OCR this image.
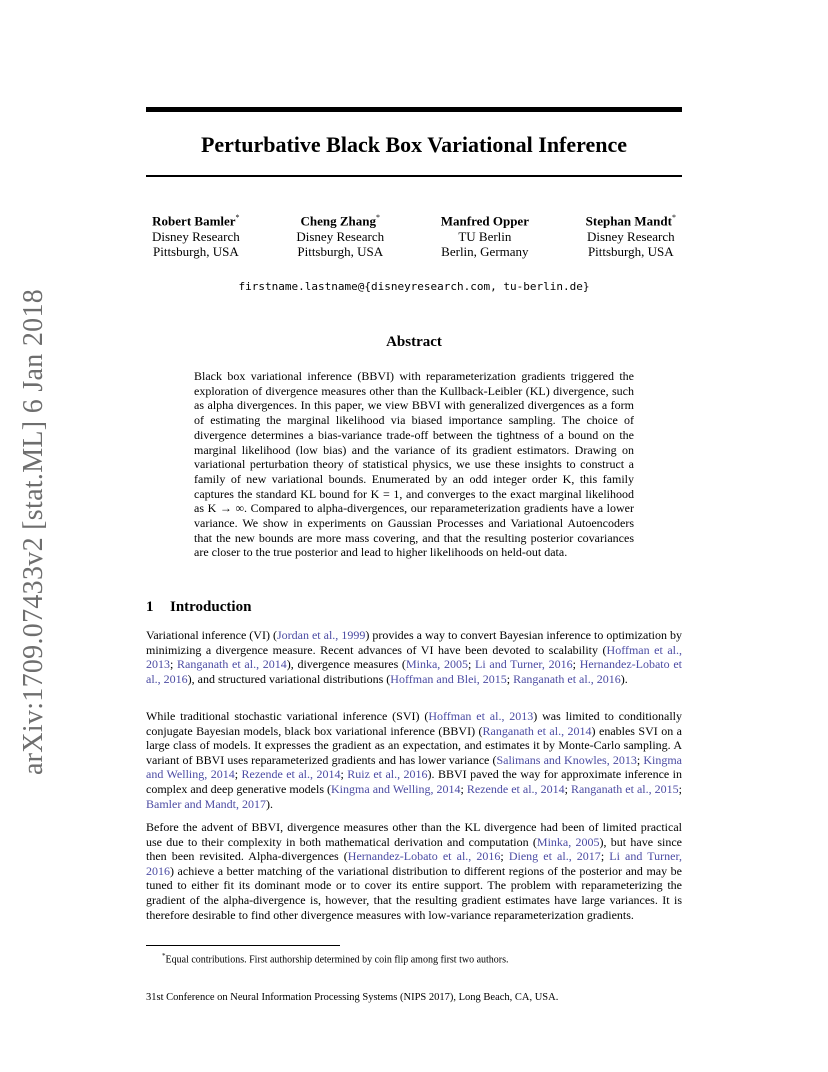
arXiv:1709.07433v2 [stat.ML] 6 Jan 2018
Perturbative Black Box Variational Inference
Robert Bamler*
Disney Research
Pittsburgh, USA
Cheng Zhang*
Disney Research
Pittsburgh, USA
Manfred Opper
TU Berlin
Berlin, Germany
Stephan Mandt*
Disney Research
Pittsburgh, USA
firstname.lastname@{disneyresearch.com, tu-berlin.de}
Abstract
Black box variational inference (BBVI) with reparameterization gradients triggered the exploration of divergence measures other than the Kullback-Leibler (KL) divergence, such as alpha divergences. In this paper, we view BBVI with generalized divergences as a form of estimating the marginal likelihood via biased importance sampling. The choice of divergence determines a bias-variance trade-off between the tightness of a bound on the marginal likelihood (low bias) and the variance of its gradient estimators. Drawing on variational perturbation theory of statistical physics, we use these insights to construct a family of new variational bounds. Enumerated by an odd integer order K, this family captures the standard KL bound for K = 1, and converges to the exact marginal likelihood as K → ∞. Compared to alpha-divergences, our reparameterization gradients have a lower variance. We show in experiments on Gaussian Processes and Variational Autoencoders that the new bounds are more mass covering, and that the resulting posterior covariances are closer to the true posterior and lead to higher likelihoods on held-out data.
1 Introduction

Variational inference (VI) (Jordan et al., 1999) provides a way to convert Bayesian inference to optimization by minimizing a divergence measure. Recent advances of VI have been devoted to scalability (Hoffman et al., 2013; Ranganath et al., 2014), divergence measures (Minka, 2005; Li and Turner, 2016; Hernandez-Lobato et al., 2016), and structured variational distributions (Hoffman and Blei, 2015; Ranganath et al., 2016).

While traditional stochastic variational inference (SVI) (Hoffman et al., 2013) was limited to conditionally conjugate Bayesian models, black box variational inference (BBVI) (Ranganath et al., 2014) enables SVI on a large class of models. It expresses the gradient as an expectation, and estimates it by Monte-Carlo sampling. A variant of BBVI uses reparameterized gradients and has lower variance (Salimans and Knowles, 2013; Kingma and Welling, 2014; Rezende et al., 2014; Ruiz et al., 2016). BBVI paved the way for approximate inference in complex and deep generative models (Kingma and Welling, 2014; Rezende et al., 2014; Ranganath et al., 2015; Bamler and Mandt, 2017).

Before the advent of BBVI, divergence measures other than the KL divergence had been of limited practical use due to their complexity in both mathematical derivation and computation (Minka, 2005), but have since then been revisited. Alpha-divergences (Hernandez-Lobato et al., 2016; Dieng et al., 2017; Li and Turner, 2016) achieve a better matching of the variational distribution to different regions of the posterior and may be tuned to either fit its dominant mode or to cover its entire support. The problem with reparameterizing the gradient of the alpha-divergence is, however, that the resulting gradient estimates have large variances. It is therefore desirable to find other divergence measures with low-variance reparameterization gradients.

*Equal contributions. First authorship determined by coin flip among first two authors.
31st Conference on Neural Information Processing Systems (NIPS 2017), Long Beach, CA, USA.
